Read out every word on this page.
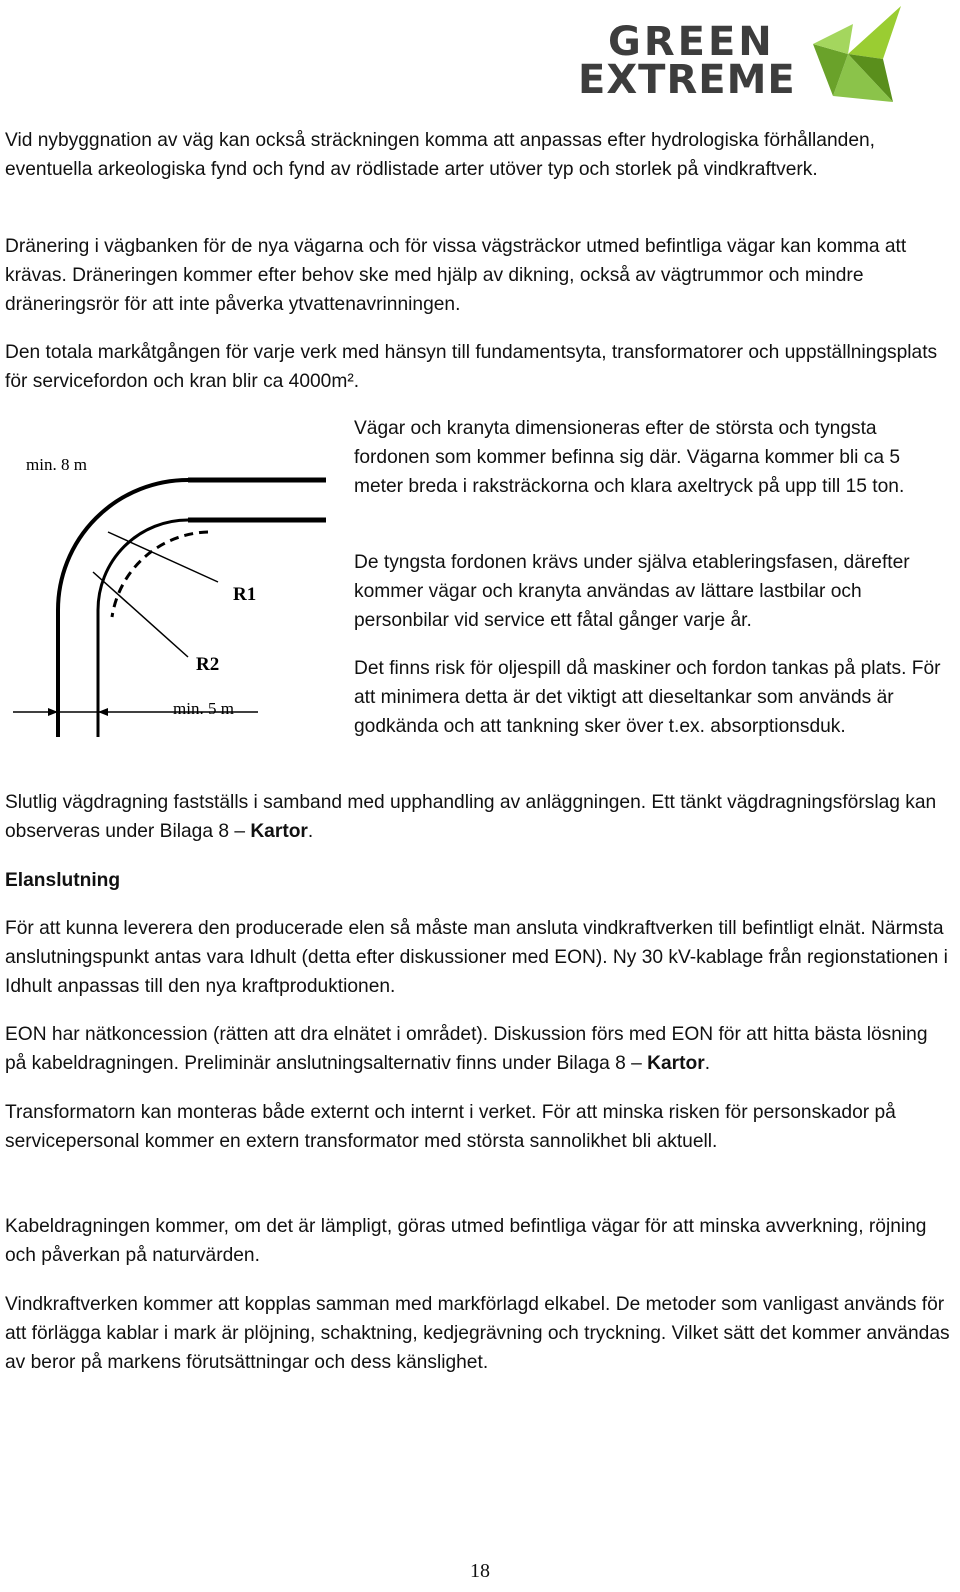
GREEN
EXTREME

Vid nybyggnation av väg kan också sträckningen komma att anpassas efter hydrologiska förhållanden, eventuella arkeologiska fynd och fynd av rödlistade arter utöver typ och storlek på vindkraftverk.

Dränering i vägbanken för de nya vägarna och för vissa vägsträckor utmed befintliga vägar kan komma att krävas. Dräneringen kommer efter behov ske med hjälp av dikning, också av vägtrummor och mindre dräneringsrör för att inte påverka ytvattenavrinningen.

Den totala markåtgången för varje verk med hänsyn till fundamentsyta, transformatorer och uppställningsplats för servicefordon och kran blir ca 4000m².

min. 8 m
R1
R2
min. 5 m

Vägar och kranyta dimensioneras efter de största och tyngsta fordonen som kommer befinna sig där. Vägarna kommer bli ca 5 meter breda i raksträckorna och klara axeltryck på upp till 15 ton.

De tyngsta fordonen krävs under själva etableringsfasen, därefter kommer vägar och kranyta användas av lättare lastbilar och personbilar vid service ett fåtal gånger varje år.

Det finns risk för oljespill då maskiner och fordon tankas på plats. För att minimera detta är det viktigt att dieseltankar som används är godkända och att tankning sker över t.ex. absorptionsduk.

Slutlig vägdragning fastställs i samband med upphandling av anläggningen. Ett tänkt vägdragningsförslag kan observeras under Bilaga 8 – Kartor.

Elanslutning

För att kunna leverera den producerade elen så måste man ansluta vindkraftverken till befintligt elnät. Närmsta anslutningspunkt antas vara Idhult (detta efter diskussioner med EON). Ny 30 kV-kablage från regionstationen i Idhult anpassas till den nya kraftproduktionen.

EON har nätkoncession (rätten att dra elnätet i området). Diskussion förs med EON för att hitta bästa lösning på kabeldragningen. Preliminär anslutningsalternativ finns under Bilaga 8 – Kartor.

Transformatorn kan monteras både externt och internt i verket. För att minska risken för personskador på servicepersonal kommer en extern transformator med största sannolikhet bli aktuell.

Kabeldragningen kommer, om det är lämpligt, göras utmed befintliga vägar för att minska avverkning, röjning och påverkan på naturvärden.

Vindkraftverken kommer att kopplas samman med markförlagd elkabel. De metoder som vanligast används för att förlägga kablar i mark är plöjning, schaktning, kedjegrävning och tryckning. Vilket sätt det kommer användas av beror på markens förutsättningar och dess känslighet.

18
